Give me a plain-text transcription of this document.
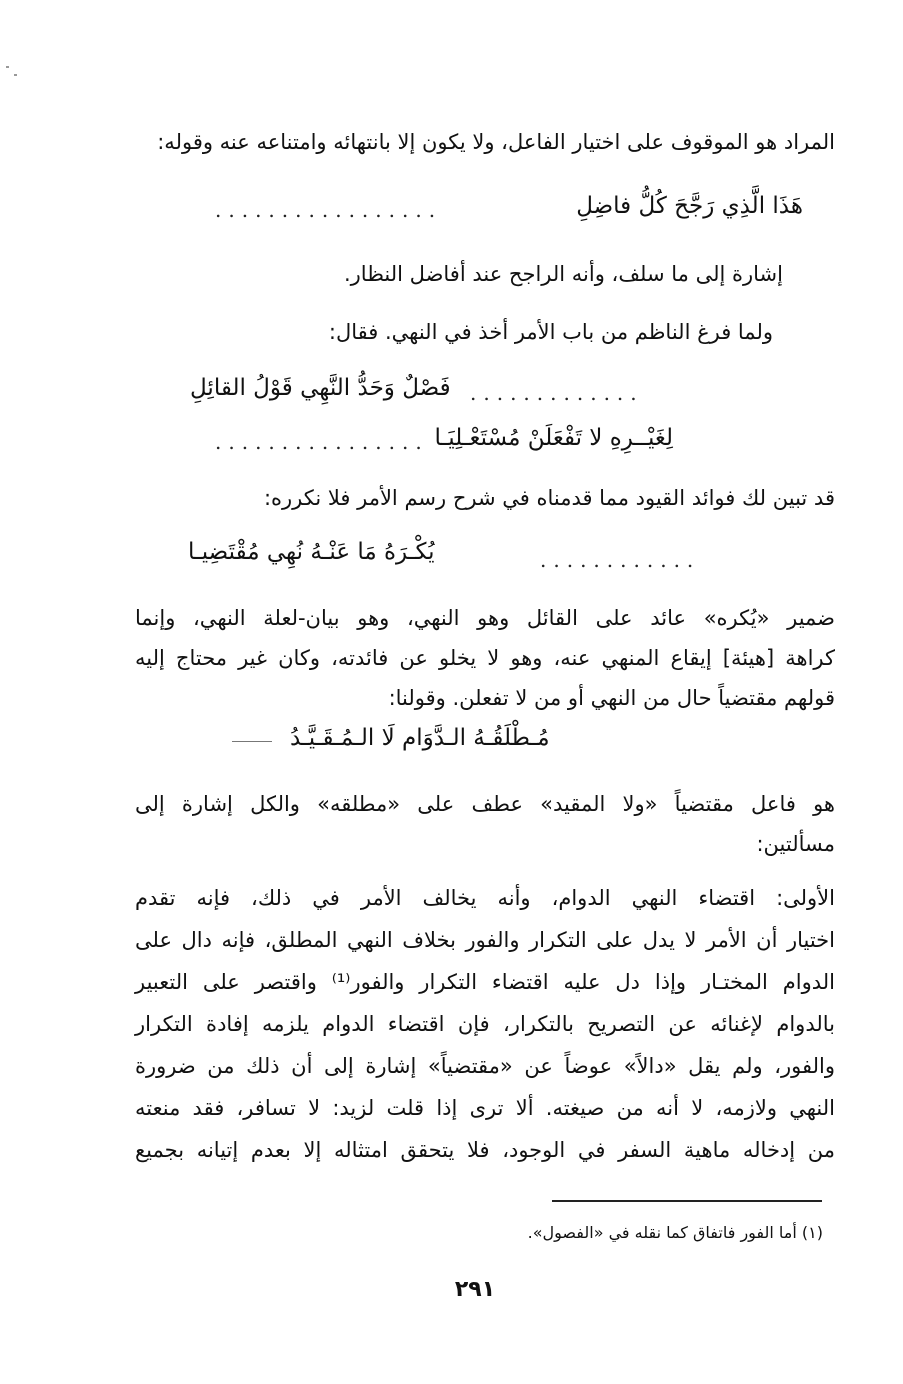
المراد هو الموقوف على اختيار الفاعل، ولا يكون إلا بانتهائه وامتناعه عنه وقوله:
هَذَا الَّذِي رَجَّحَ كُلُّ فاضِلِ
.................
إشارة إلى ما سلف، وأنه الراجح عند أفاضل النظار.
ولما فرغ الناظم من باب الأمر أخذ في النهي. فقال:
.............
فَصْلٌ وَحَدُّ النَّهِي قَوْلُ القائِلِ
لِغَيْــرِهِ لا تَفْعَلَنْ مُسْتَعْـلِيَـا
................
قد تبين لك فوائد القيود مما قدمناه في شرح رسم الأمر فلا نكرره:
يُكْـرَهُ مَا عَنْـهُ نُهِي مُقْتَضِيـا	............
ضمير «يُكره» عائد على القائل وهو النهي، وهو بيان-لعلة النهي، وإنما
كراهة [هيئة] إيقاع المنهي عنه، وهو لا يخلو عن فائدته، وكان غير محتاج إليه
قولهم مقتضياً حال من النهي أو من لا تفعلن. وقولنا:
مُـطْلَقُـهُ الـدَّوَام لَا الـمُـقَـيَّـدُ
هو فاعل مقتضياً «ولا المقيد» عطف على «مطلقه» والكل إشارة إلى
مسألتين:
الأولى: اقتضاء النهي الدوام، وأنه يخالف الأمر في ذلك، فإنه تقدم
اختيار أن الأمر لا يدل على التكرار والفور بخلاف النهي المطلق، فإنه دال على
الدوام المختـار وإذا دل عليه اقتضاء التكرار والفور⁽¹⁾ واقتصر على التعبير
بالدوام لإغنائه عن التصريح بالتكرار، فإن اقتضاء الدوام يلزمه إفادة التكرار
والفور، ولم يقل «دالاً» عوضاً عن «مقتضياً» إشارة إلى أن ذلك من ضرورة
النهي ولازمه، لا أنه من صيغته. ألا ترى إذا قلت لزيد: لا تسافر، فقد منعته
من إدخاله ماهية السفر في الوجود، فلا يتحقق امتثاله إلا بعدم إتيانه بجميع
(١) أما الفور فاتفاق كما نقله في «الفصول».
٢٩١
